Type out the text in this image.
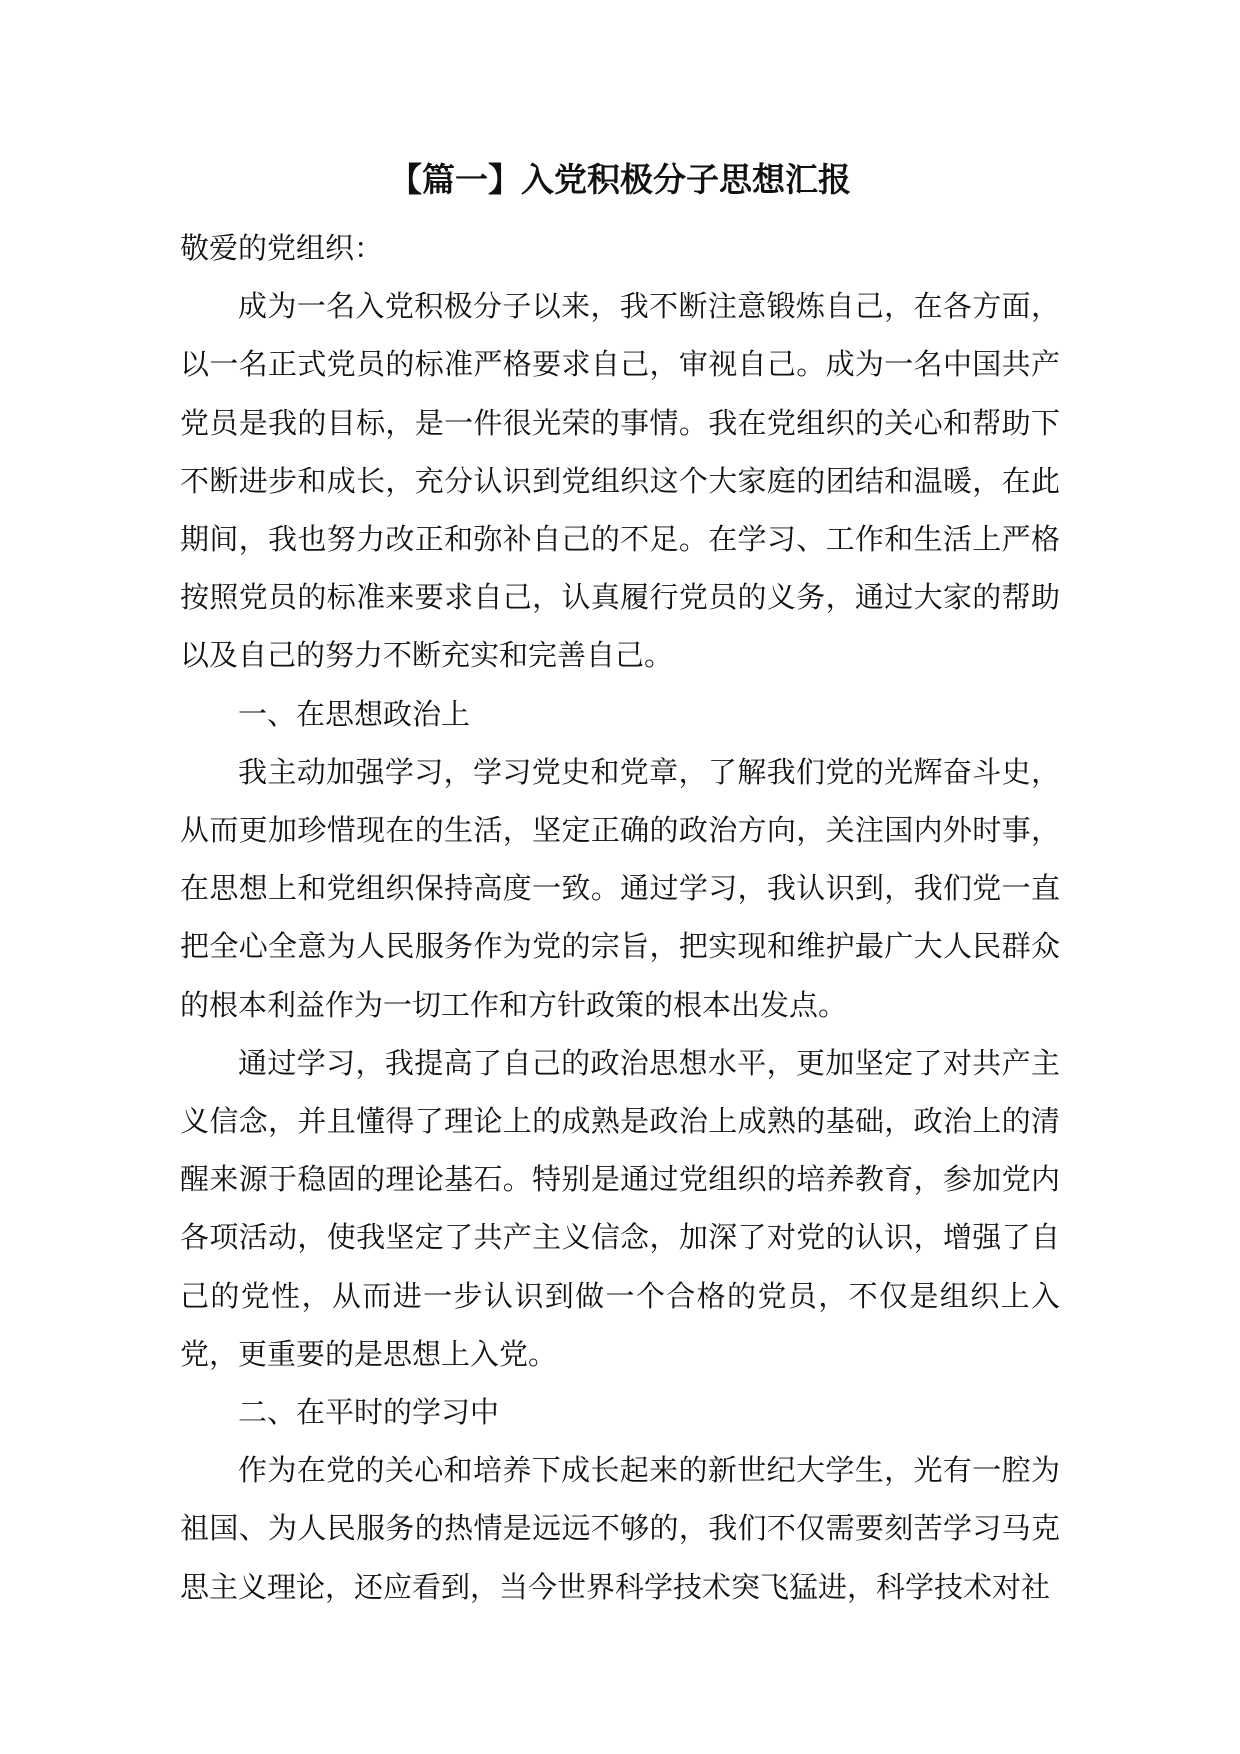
【篇一】入党积极分子思想汇报

敬爱的党组织：

成为一名入党积极分子以来，我不断注意锻炼自己，在各方面，以一名正式党员的标准严格要求自己，审视自己。成为一名中国共产党员是我的目标，是一件很光荣的事情。我在党组织的关心和帮助下不断进步和成长，充分认识到党组织这个大家庭的团结和温暖，在此期间，我也努力改正和弥补自己的不足。在学习、工作和生活上严格按照党员的标准来要求自己，认真履行党员的义务，通过大家的帮助以及自己的努力不断充实和完善自己。

一、在思想政治上

我主动加强学习，学习党史和党章，了解我们党的光辉奋斗史，从而更加珍惜现在的生活，坚定正确的政治方向，关注国内外时事，在思想上和党组织保持高度一致。通过学习，我认识到，我们党一直把全心全意为人民服务作为党的宗旨，把实现和维护最广大人民群众的根本利益作为一切工作和方针政策的根本出发点。

通过学习，我提高了自己的政治思想水平，更加坚定了对共产主义信念，并且懂得了理论上的成熟是政治上成熟的基础，政治上的清醒来源于稳固的理论基石。特别是通过党组织的培养教育，参加党内各项活动，使我坚定了共产主义信念，加深了对党的认识，增强了自己的党性，从而进一步认识到做一个合格的党员，不仅是组织上入党，更重要的是思想上入党。

二、在平时的学习中

作为在党的关心和培养下成长起来的新世纪大学生，光有一腔为祖国、为人民服务的热情是远远不够的，我们不仅需要刻苦学习马克思主义理论，还应看到，当今世界科学技术突飞猛进，科学技术对社
